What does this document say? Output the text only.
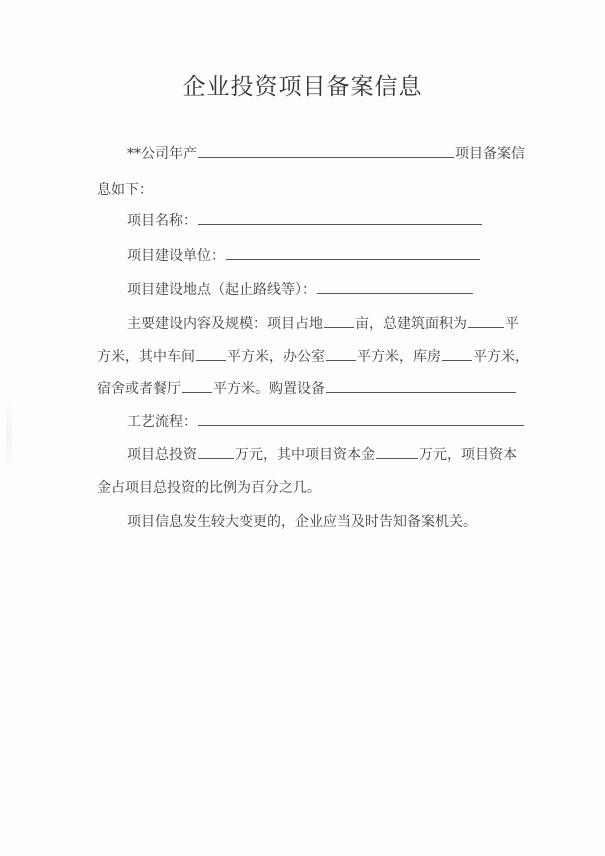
企业投资项目备案信息
**公司年产	项目备案信
息如下：
项目名称：
项目建设单位：
项目建设地点（起止路线等）：
主要建设内容及规模：项目占地 亩，总建筑面积为	平
方米，其中车间 平方米，办公室 平方米，库房 平方米，
宿舍或者餐厅 平方米。购置设备
工艺流程：
项目总投资	万元，其中项目资本金	万元，项目资本
金占项目总投资的比例为百分之几。
项目信息发生较大变更的，企业应当及时告知备案机关。
